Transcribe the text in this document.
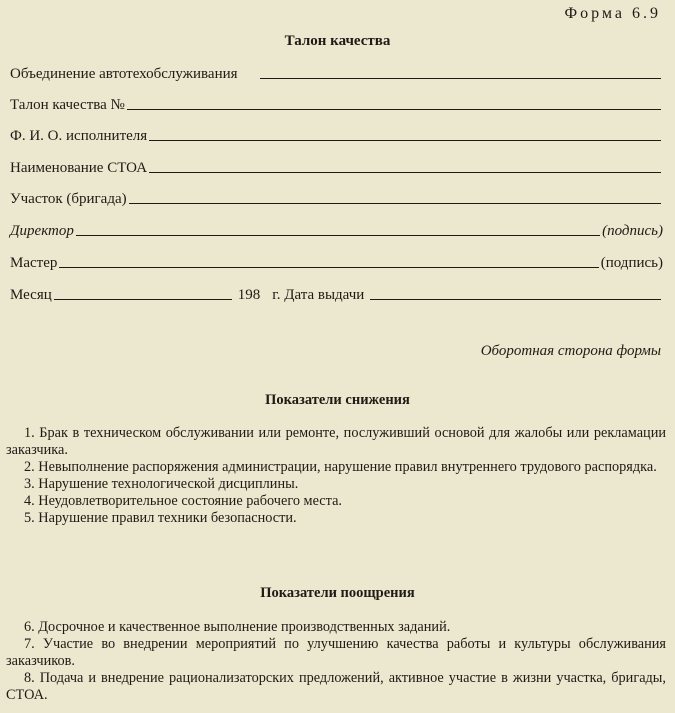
Форма 6.9
Талон качества
Объединение автотехобслуживания
Талон качества №
Ф. И. О. исполнителя
Наименование СТОА
Участок (бригада)
Директор	(подпись)
Мастер	(подпись)
Месяц	198 г. Дата выдачи
Оборотная сторона формы
Показатели снижения
1. Брак в техническом обслуживании или ремонте, послуживший основой для жалобы или рекламации заказчика.
2. Невыполнение распоряжения администрации, нарушение правил внутреннего трудового распорядка.
3. Нарушение технологической дисциплины.
4. Неудовлетворительное состояние рабочего места.
5. Нарушение правил техники безопасности.
Показатели поощрения
6. Досрочное и качественное выполнение производственных заданий.
7. Участие во внедрении мероприятий по улучшению качества работы и культуры обслуживания заказчиков.
8. Подача и внедрение рационализаторских предложений, активное участие в жизни участка, бригады, СТОА.
